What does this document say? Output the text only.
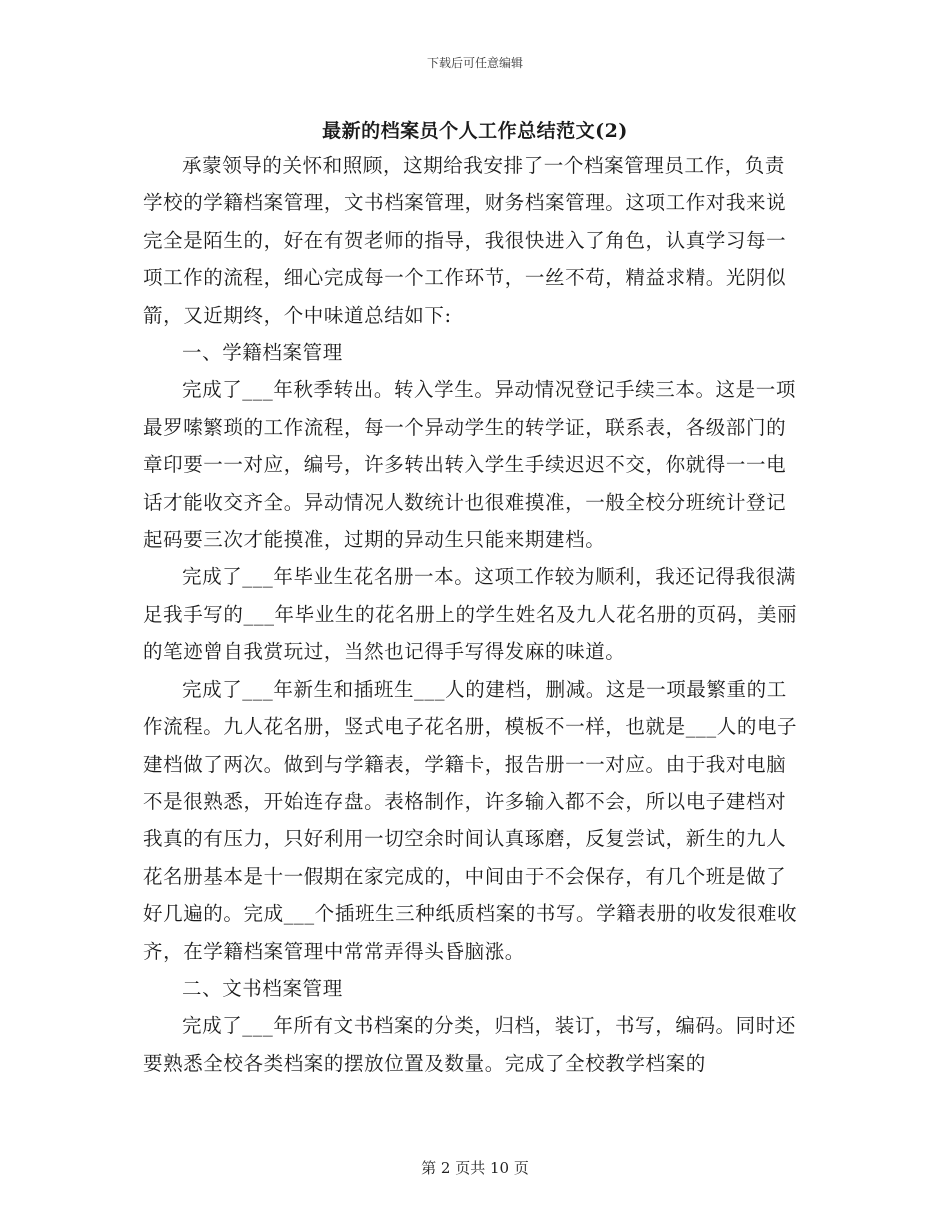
下载后可任意编辑
最新的档案员个人工作总结范文(2)

承蒙领导的关怀和照顾，这期给我安排了一个档案管理员工作，负责学校的学籍档案管理，文书档案管理，财务档案管理。这项工作对我来说完全是陌生的，好在有贺老师的指导，我很快进入了角色，认真学习每一项工作的流程，细心完成每一个工作环节，一丝不苟，精益求精。光阴似箭，又近期终，个中味道总结如下:

一、学籍档案管理

完成了___年秋季转出。转入学生。异动情况登记手续三本。这是一项最罗嗦繁琐的工作流程，每一个异动学生的转学证，联系表，各级部门的章印要一一对应，编号，许多转出转入学生手续迟迟不交，你就得一一电话才能收交齐全。异动情况人数统计也很难摸准，一般全校分班统计登记起码要三次才能摸准，过期的异动生只能来期建档。

完成了___年毕业生花名册一本。这项工作较为顺利，我还记得我很满足我手写的___年毕业生的花名册上的学生姓名及九人花名册的页码，美丽的笔迹曾自我赏玩过，当然也记得手写得发麻的味道。

完成了___年新生和插班生___人的建档，删减。这是一项最繁重的工作流程。九人花名册，竖式电子花名册，模板不一样，也就是___人的电子建档做了两次。做到与学籍表，学籍卡，报告册一一对应。由于我对电脑不是很熟悉，开始连存盘。表格制作，许多输入都不会，所以电子建档对我真的有压力，只好利用一切空余时间认真琢磨，反复尝试，新生的九人花名册基本是十一假期在家完成的，中间由于不会保存，有几个班是做了好几遍的。完成___个插班生三种纸质档案的书写。学籍表册的收发很难收齐，在学籍档案管理中常常弄得头昏脑涨。

二、文书档案管理

完成了___年所有文书档案的分类，归档，装订，书写，编码。同时还要熟悉全校各类档案的摆放位置及数量。完成了全校教学档案的

第 2 页共 10 页
